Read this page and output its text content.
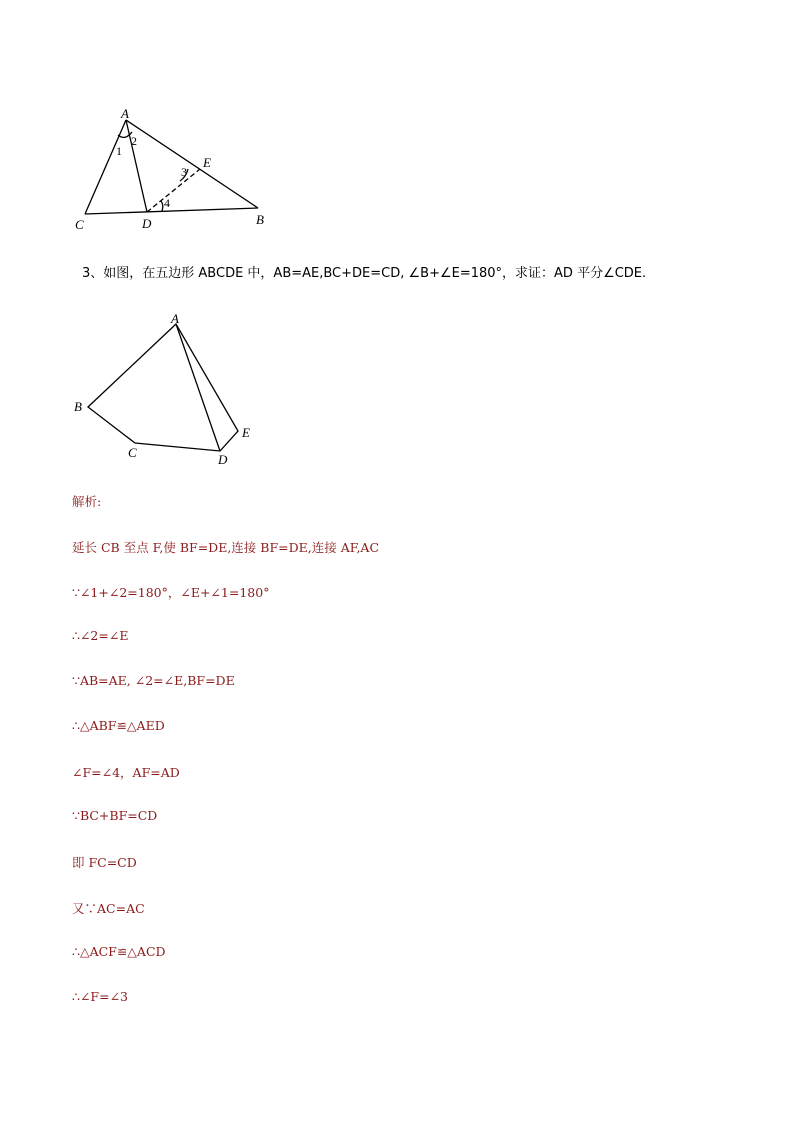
A
B
C	D
E
1
2
3
4
3、如图，在五边形 ABCDE 中，AB=AE,BC+DE=CD, ∠B+∠E=180°，求证：AD 平分∠CDE.
A
B
C	D
E
解析:
延长 CB 至点 F,使 BF=DE,连接 BF=DE,连接 AF,AC
∵∠1+∠2=180°，∠E+∠1=180°
∴∠2=∠E
∵AB=AE, ∠2=∠E,BF=DE
∴△ABF≌△AED
∠F=∠4，AF=AD
∵BC+BF=CD
即 FC=CD
又∵AC=AC
∴△ACF≌△ACD
∴∠F=∠3
